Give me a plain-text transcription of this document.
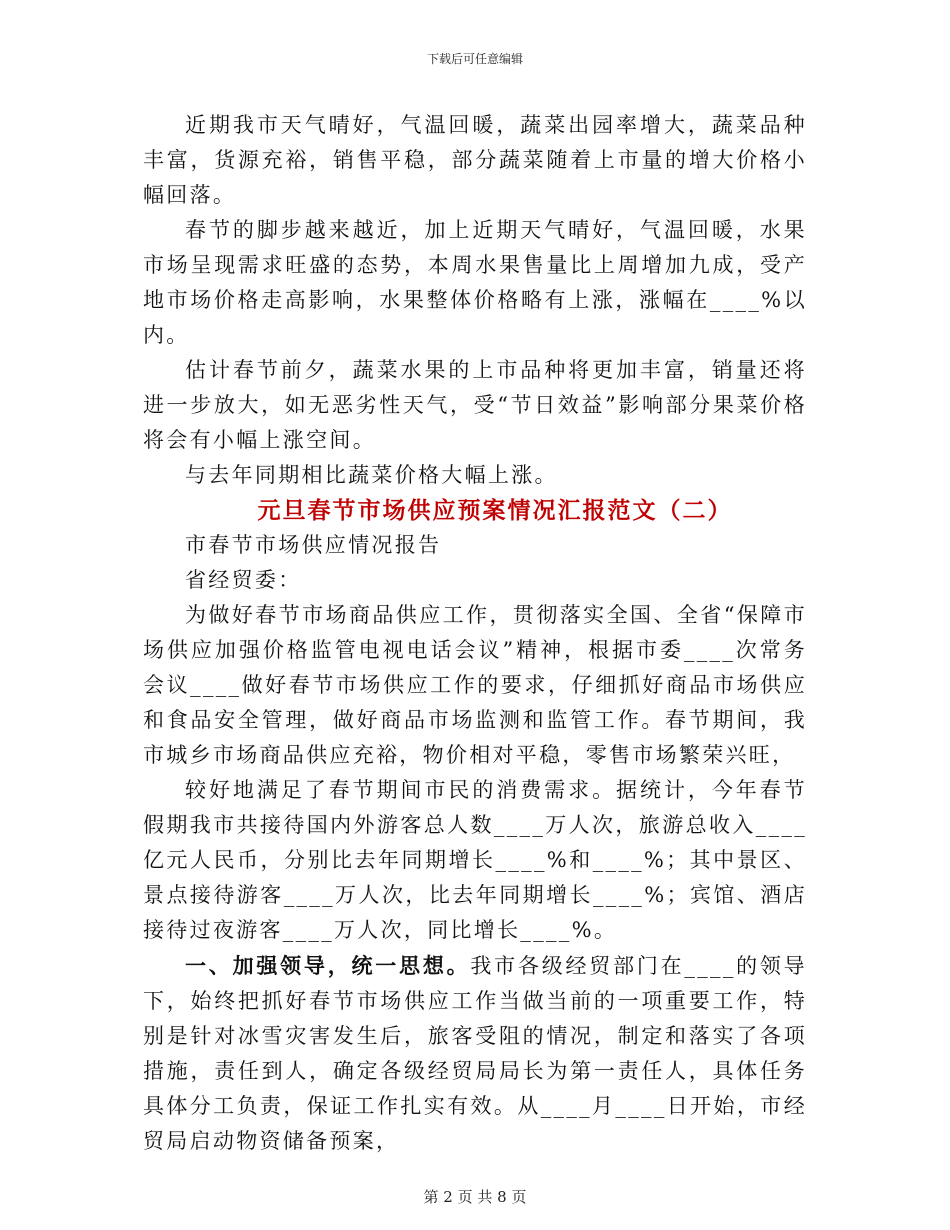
下载后可任意编辑

近期我市天气晴好，气温回暖，蔬菜出园率增大，蔬菜品种丰富，货源充裕，销售平稳，部分蔬菜随着上市量的增大价格小幅回落。

春节的脚步越来越近，加上近期天气晴好，气温回暖，水果市场呈现需求旺盛的态势，本周水果售量比上周增加九成，受产地市场价格走高影响，水果整体价格略有上涨，涨幅在____%以内。

估计春节前夕，蔬菜水果的上市品种将更加丰富，销量还将进一步放大，如无恶劣性天气，受“节日效益”影响部分果菜价格将会有小幅上涨空间。

与去年同期相比蔬菜价格大幅上涨。

元旦春节市场供应预案情况汇报范文（二）

市春节市场供应情况报告

省经贸委：

为做好春节市场商品供应工作，贯彻落实全国、全省“保障市场供应加强价格监管电视电话会议”精神，根据市委____次常务会议____做好春节市场供应工作的要求，仔细抓好商品市场供应和食品安全管理，做好商品市场监测和监管工作。春节期间，我市城乡市场商品供应充裕，物价相对平稳，零售市场繁荣兴旺，

较好地满足了春节期间市民的消费需求。据统计，今年春节假期我市共接待国内外游客总人数____万人次，旅游总收入____亿元人民币，分别比去年同期增长____%和____%；其中景区、景点接待游客____万人次，比去年同期增长____%；宾馆、酒店接待过夜游客____万人次，同比增长____%。

一、加强领导，统一思想。我市各级经贸部门在____的领导下，始终把抓好春节市场供应工作当做当前的一项重要工作，特别是针对冰雪灾害发生后，旅客受阻的情况，制定和落实了各项措施，责任到人，确定各级经贸局局长为第一责任人，具体任务具体分工负责，保证工作扎实有效。从____月____日开始，市经贸局启动物资储备预案，

第 2 页 共 8 页
